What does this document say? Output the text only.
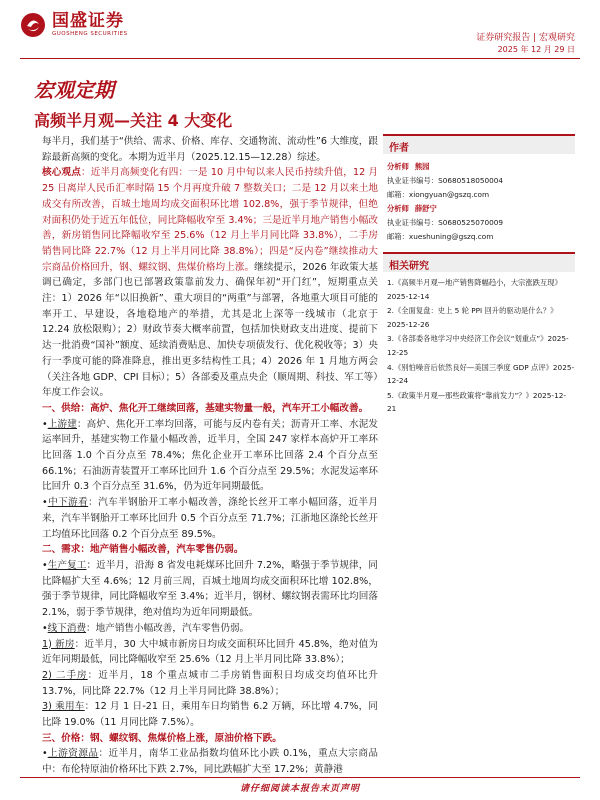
国盛证券
GUOSHENG SECURITIES	证券研究报告 | 宏观研究
2025 年 12 月 29 日
宏观定期
高频半月观—关注 4 大变化

每半月，我们基于“供给、需求、价格、库存、交通物流、流动性”6 大维度，跟踪最新高频的变化。本期为近半月（2025.12.15—12.28）综述。

核心观点：近半月高频变化有四：一是 10 月中旬以来人民币持续升值，12 月 25 日离岸人民币汇率时隔 15 个月再度升破 7 整数关口；二是 12 月以来土地成交有所改善，百城土地周均成交面积环比增 102.8%，强于季节规律，但绝对面积仍处于近五年低位，同比降幅收窄至 3.4%；三是近半月地产销售小幅改善，新房销售同比降幅收窄至 25.6%（12 月上半月同比降 33.8%），二手房销售同比降 22.7%（12 月上半月同比降 38.8%）；四是“反内卷”继续推动大宗商品价格回升，钢、螺纹钢、焦煤价格均上涨。继续提示，2026 年政策大基调已确定，多部门也已部署政策靠前发力、确保年初“开门红”，短期重点关注：1）2026 年“以旧换新”、重大项目的“两重”与部署，各地重大项目可能的率开工、早建设，各地稳地产的举措，尤其是北上深等一线城市（北京于 12.24 放松限购）；2）财政节奏大概率前置，包括加快财政支出进度、提前下达一批消费“国补”额度、延续消费贴息、加快专项债发行、优化税收等；3）央行一季度可能的降准降息，推出更多结构性工具；4）2026 年 1 月地方两会（关注各地 GDP、CPI 目标）；5）各部委及重点央企（顺周期、科技、军工等）年度工作会议。

一、供给：高炉、焦化开工继续回落，基建实物量一般，汽车开工小幅改善。

•上游建：高炉、焦化开工率均回落，可能与反内卷有关；沥青开工率、水泥发运率回升，基建实物工作量小幅改善，近半月，全国 247 家样本高炉开工率环比回落 1.0 个百分点至 78.4%；焦化企业开工率环比回落 2.4 个百分点至 66.1%；石油沥青装置开工率环比回升 1.6 个百分点至 29.5%；水泥发运率环比回升 0.3 个百分点至 31.6%，仍为近年同期最低。

•中下游看：汽车半钢胎开工率小幅改善，涤纶长丝开工率小幅回落，近半月来，汽车半钢胎开工率环比回升 0.5 个百分点至 71.7%；江浙地区涤纶长丝开工均值环比回落 0.2 个百分点至 89.5%。

二、需求：地产销售小幅改善，汽车零售仍弱。

•生产复工：近半月，沿海 8 省发电耗煤环比回升 7.2%，略强于季节规律，同比降幅扩大至 4.6%；12 月前三周，百城土地周均成交面积环比增 102.8%，强于季节规律，同比降幅收窄至 3.4%；近半月，钢材、螺纹钢表需环比均回落 2.1%，弱于季节规律，绝对值均为近年同期最低。

•线下消费：地产销售小幅改善，汽车零售仍弱。

1) 新房：近半月，30 大中城市新房日均成交面积环比回升 45.8%，绝对值为近年同期最低，同比降幅收窄至 25.6%（12 月上半月同比降 33.8%）；

2) 二手房：近半月，18 个重点城市二手房销售面积日均成交均值环比升 13.7%，同比降 22.7%（12 月上半月同比降 38.8%）；

3) 乘用车：12 月 1 日-21 日，乘用车日均销售 6.2 万辆，环比增 4.7%，同比降 19.0%（11 月同比降 7.5%）。

三、价格：钢、螺纹钢、焦煤价格上涨，原油价格下跌。

•上游资源品：近半月，南华工业品指数均值环比小跌 0.1%，重点大宗商品中：布伦特原油价格环比下跌 2.7%，同比跌幅扩大至 17.2%；黄静港

作者
分析师 熊园
执业证书编号：S0680518050004
邮箱：xiongyuan@gszq.com
分析师 薛舒宁
执业证书编号：S0680525070009
邮箱：xueshuning@gszq.com
相关研究
1.《高频半月观—地产销售降幅趋小，大宗涨跌互现》2025-12-14
2.《全面复盘：史上 5 轮 PPI 回升的驱动是什么？》2025-12-26
3.《各部委各地学习中央经济工作会议“划重点”》2025-12-25
4.《别怕噪音后依然良好—美国三季度 GDP 点评》2025-12-24
5.《政策半月观—那些政策将“靠前发力”？》2025-12-21
请仔细阅读本报告末页声明
